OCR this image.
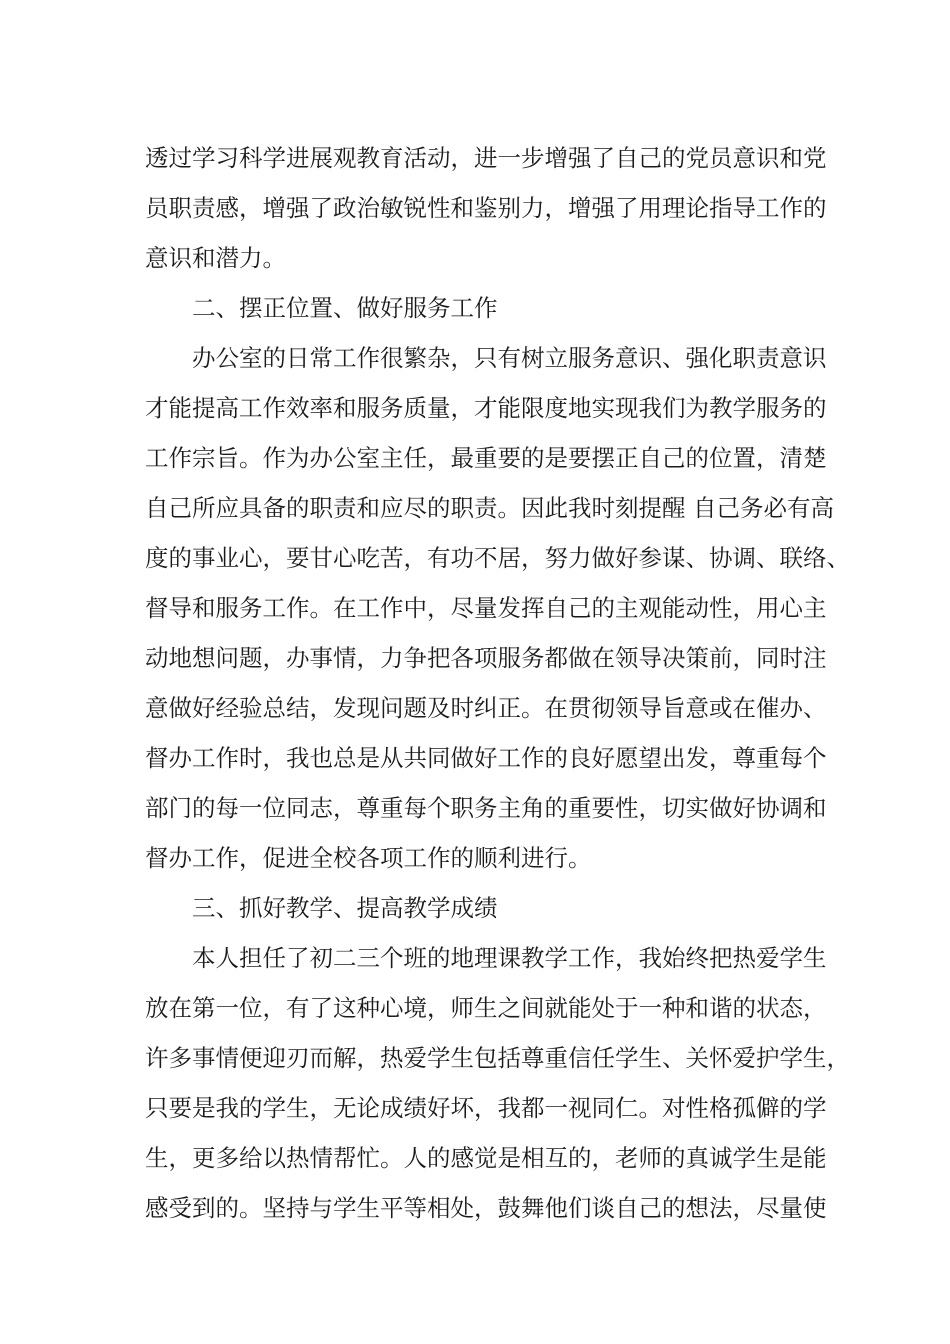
透过学习科学进展观教育活动，进一步增强了自己的党员意识和党
员职责感，增强了政治敏锐性和鉴别力，增强了用理论指导工作的
意识和潜力。
二、摆正位置、做好服务工作
办公室的日常工作很繁杂，只有树立服务意识、强化职责意识
才能提高工作效率和服务质量，才能限度地实现我们为教学服务的
工作宗旨。作为办公室主任，最重要的是要摆正自己的位置，清楚
自己所应具备的职责和应尽的职责。因此我时刻提醒 自己务必有高
度的事业心，要甘心吃苦，有功不居，努力做好参谋、协调、联络、
督导和服务工作。在工作中，尽量发挥自己的主观能动性，用心主
动地想问题，办事情，力争把各项服务都做在领导决策前，同时注
意做好经验总结，发现问题及时纠正。在贯彻领导旨意或在催办、
督办工作时，我也总是从共同做好工作的良好愿望出发，尊重每个
部门的每一位同志，尊重每个职务主角的重要性，切实做好协调和
督办工作，促进全校各项工作的顺利进行。
三、抓好教学、提高教学成绩
本人担任了初二三个班的地理课教学工作，我始终把热爱学生
放在第一位，有了这种心境，师生之间就能处于一种和谐的状态，
许多事情便迎刃而解，热爱学生包括尊重信任学生、关怀爱护学生，
只要是我的学生，无论成绩好坏，我都一视同仁。对性格孤僻的学
生，更多给以热情帮忙。人的感觉是相互的，老师的真诚学生是能
感受到的。坚持与学生平等相处，鼓舞他们谈自己的想法，尽量使
